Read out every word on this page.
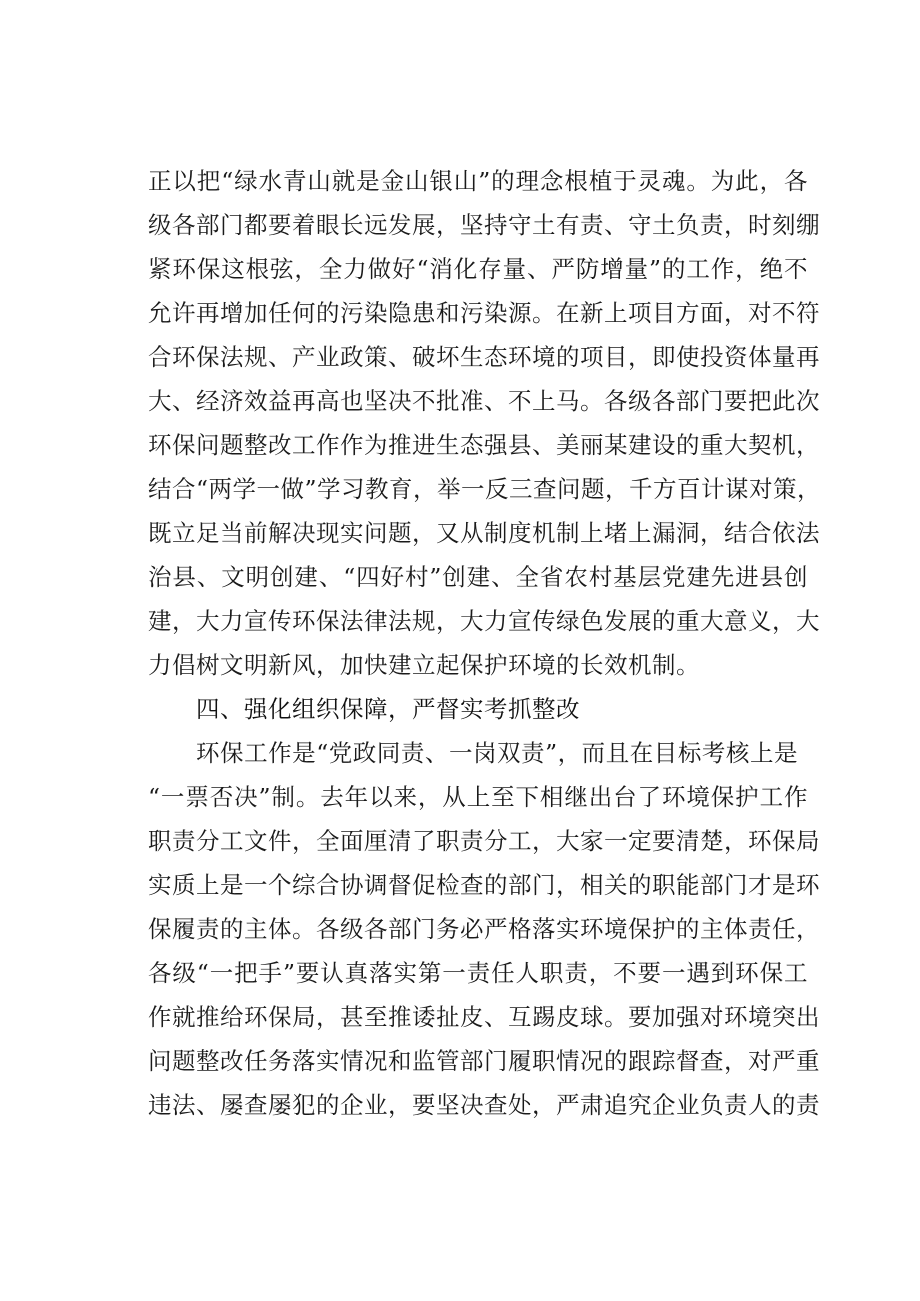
正以把“绿水青山就是金山银山”的理念根植于灵魂。为此，各
级各部门都要着眼长远发展，坚持守土有责、守土负责，时刻绷
紧环保这根弦，全力做好“消化存量、严防增量”的工作，绝不
允许再增加任何的污染隐患和污染源。在新上项目方面，对不符
合环保法规、产业政策、破坏生态环境的项目，即使投资体量再
大、经济效益再高也坚决不批准、不上马。各级各部门要把此次
环保问题整改工作作为推进生态强县、美丽某建设的重大契机，
结合“两学一做”学习教育，举一反三查问题，千方百计谋对策，
既立足当前解决现实问题，又从制度机制上堵上漏洞，结合依法
治县、文明创建、“四好村”创建、全省农村基层党建先进县创
建，大力宣传环保法律法规，大力宣传绿色发展的重大意义，大
力倡树文明新风，加快建立起保护环境的长效机制。
四、强化组织保障，严督实考抓整改
环保工作是“党政同责、一岗双责”，而且在目标考核上是
“一票否决”制。去年以来，从上至下相继出台了环境保护工作
职责分工文件，全面厘清了职责分工，大家一定要清楚，环保局
实质上是一个综合协调督促检查的部门，相关的职能部门才是环
保履责的主体。各级各部门务必严格落实环境保护的主体责任，
各级“一把手”要认真落实第一责任人职责，不要一遇到环保工
作就推给环保局，甚至推诿扯皮、互踢皮球。要加强对环境突出
问题整改任务落实情况和监管部门履职情况的跟踪督查，对严重
违法、屡查屡犯的企业，要坚决查处，严肃追究企业负责人的责
